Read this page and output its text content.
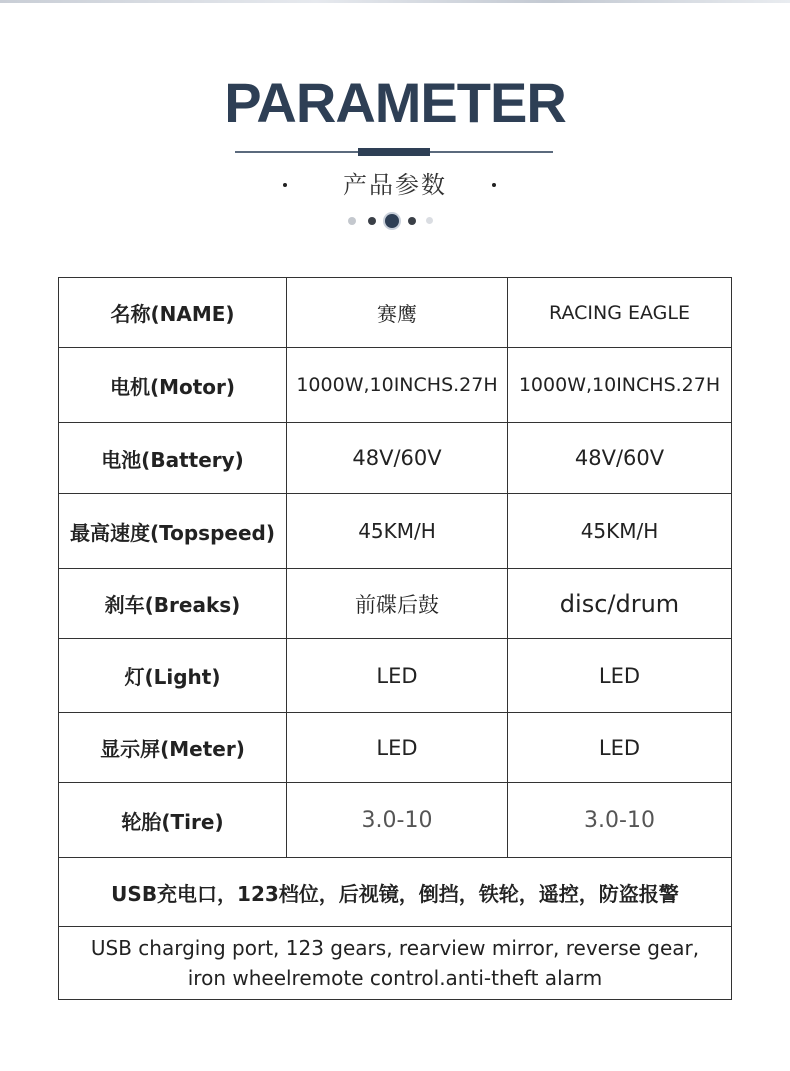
PARAMETER
产品参数
名称(NAME)	赛鹰	RACING EAGLE
电机(Motor)	1000W,10INCHS.27H	1000W,10INCHS.27H
电池(Battery)	48V/60V	48V/60V
最高速度(Topspeed)	45KM/H	45KM/H
刹车(Breaks)	前碟后鼓	disc/drum
灯(Light)	LED	LED
显示屏(Meter)	LED	LED
轮胎(Tire)	3.0-10	3.0-10
USB充电口，123档位，后视镜，倒挡，铁轮，遥控，防盗报警		

USB charging port, 123 gears, rearview mirror, reverse gear,
iron wheelremote control.anti-theft alarm		
